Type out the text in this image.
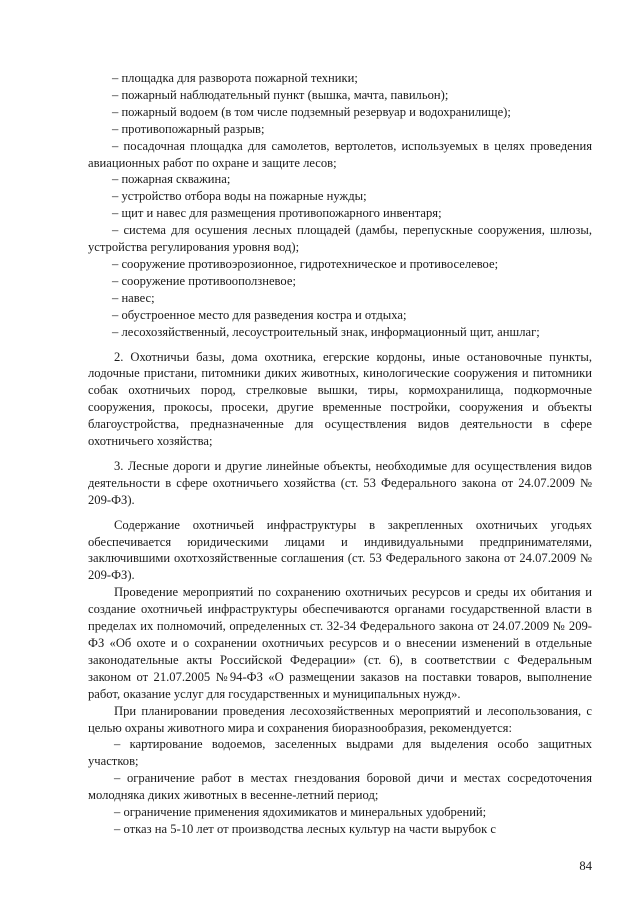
– площадка для разворота пожарной техники;
– пожарный наблюдательный пункт (вышка, мачта, павильон);
– пожарный водоем (в том числе подземный резервуар и водохранилище);
– противопожарный разрыв;
– посадочная площадка для самолетов, вертолетов, используемых в целях проведения авиационных работ по охране и защите лесов;
– пожарная скважина;
– устройство отбора воды на пожарные нужды;
– щит и навес для размещения противопожарного инвентаря;
– система для осушения лесных площадей (дамбы, перепускные сооружения, шлюзы, устройства регулирования уровня вод);
– сооружение противоэрозионное, гидротехническое и противоселевое;
– сооружение противооползневое;
– навес;
– обустроенное место для разведения костра и отдыха;
– лесохозяйственный, лесоустроительный знак, информационный щит, аншлаг;
2. Охотничьи базы, дома охотника, егерские кордоны, иные остановочные пункты, лодочные пристани, питомники диких животных, кинологические сооружения и питомники собак охотничьих пород, стрелковые вышки, тиры, кормохранилища, подкормочные сооружения, прокосы, просеки, другие временные постройки, сооружения и объекты благоустройства, предназначенные для осуществления видов деятельности в сфере охотничьего хозяйства;
3. Лесные дороги и другие линейные объекты, необходимые для осуществления видов деятельности в сфере охотничьего хозяйства (ст. 53 Федерального закона от 24.07.2009 № 209-ФЗ).
Содержание охотничьей инфраструктуры в закрепленных охотничьих угодьях обеспечивается юридическими лицами и индивидуальными предпринимателями, заключившими охотхозяйственные соглашения (ст. 53 Федерального закона от 24.07.2009 № 209-ФЗ).
Проведение мероприятий по сохранению охотничьих ресурсов и среды их обитания и создание охотничьей инфраструктуры обеспечиваются органами государственной власти в пределах их полномочий, определенных ст. 32-34 Федерального закона от 24.07.2009 № 209-ФЗ «Об охоте и о сохранении охотничьих ресурсов и о внесении изменений в отдельные законодательные акты Российской Федерации» (ст. 6), в соответствии с Федеральным законом от 21.07.2005 №94-ФЗ «О размещении заказов на поставки товаров, выполнение работ, оказание услуг для государственных и муниципальных нужд».
При планировании проведения лесохозяйственных мероприятий и лесопользования, с целью охраны животного мира и сохранения биоразнообразия, рекомендуется:
– картирование водоемов, заселенных выдрами для выделения особо защитных участков;
– ограничение работ в местах гнездования боровой дичи и местах сосредоточения молодняка диких животных в весенне-летний период;
– ограничение применения ядохимикатов и минеральных удобрений;
– отказ на 5-10 лет от производства лесных культур на части вырубок с
84
